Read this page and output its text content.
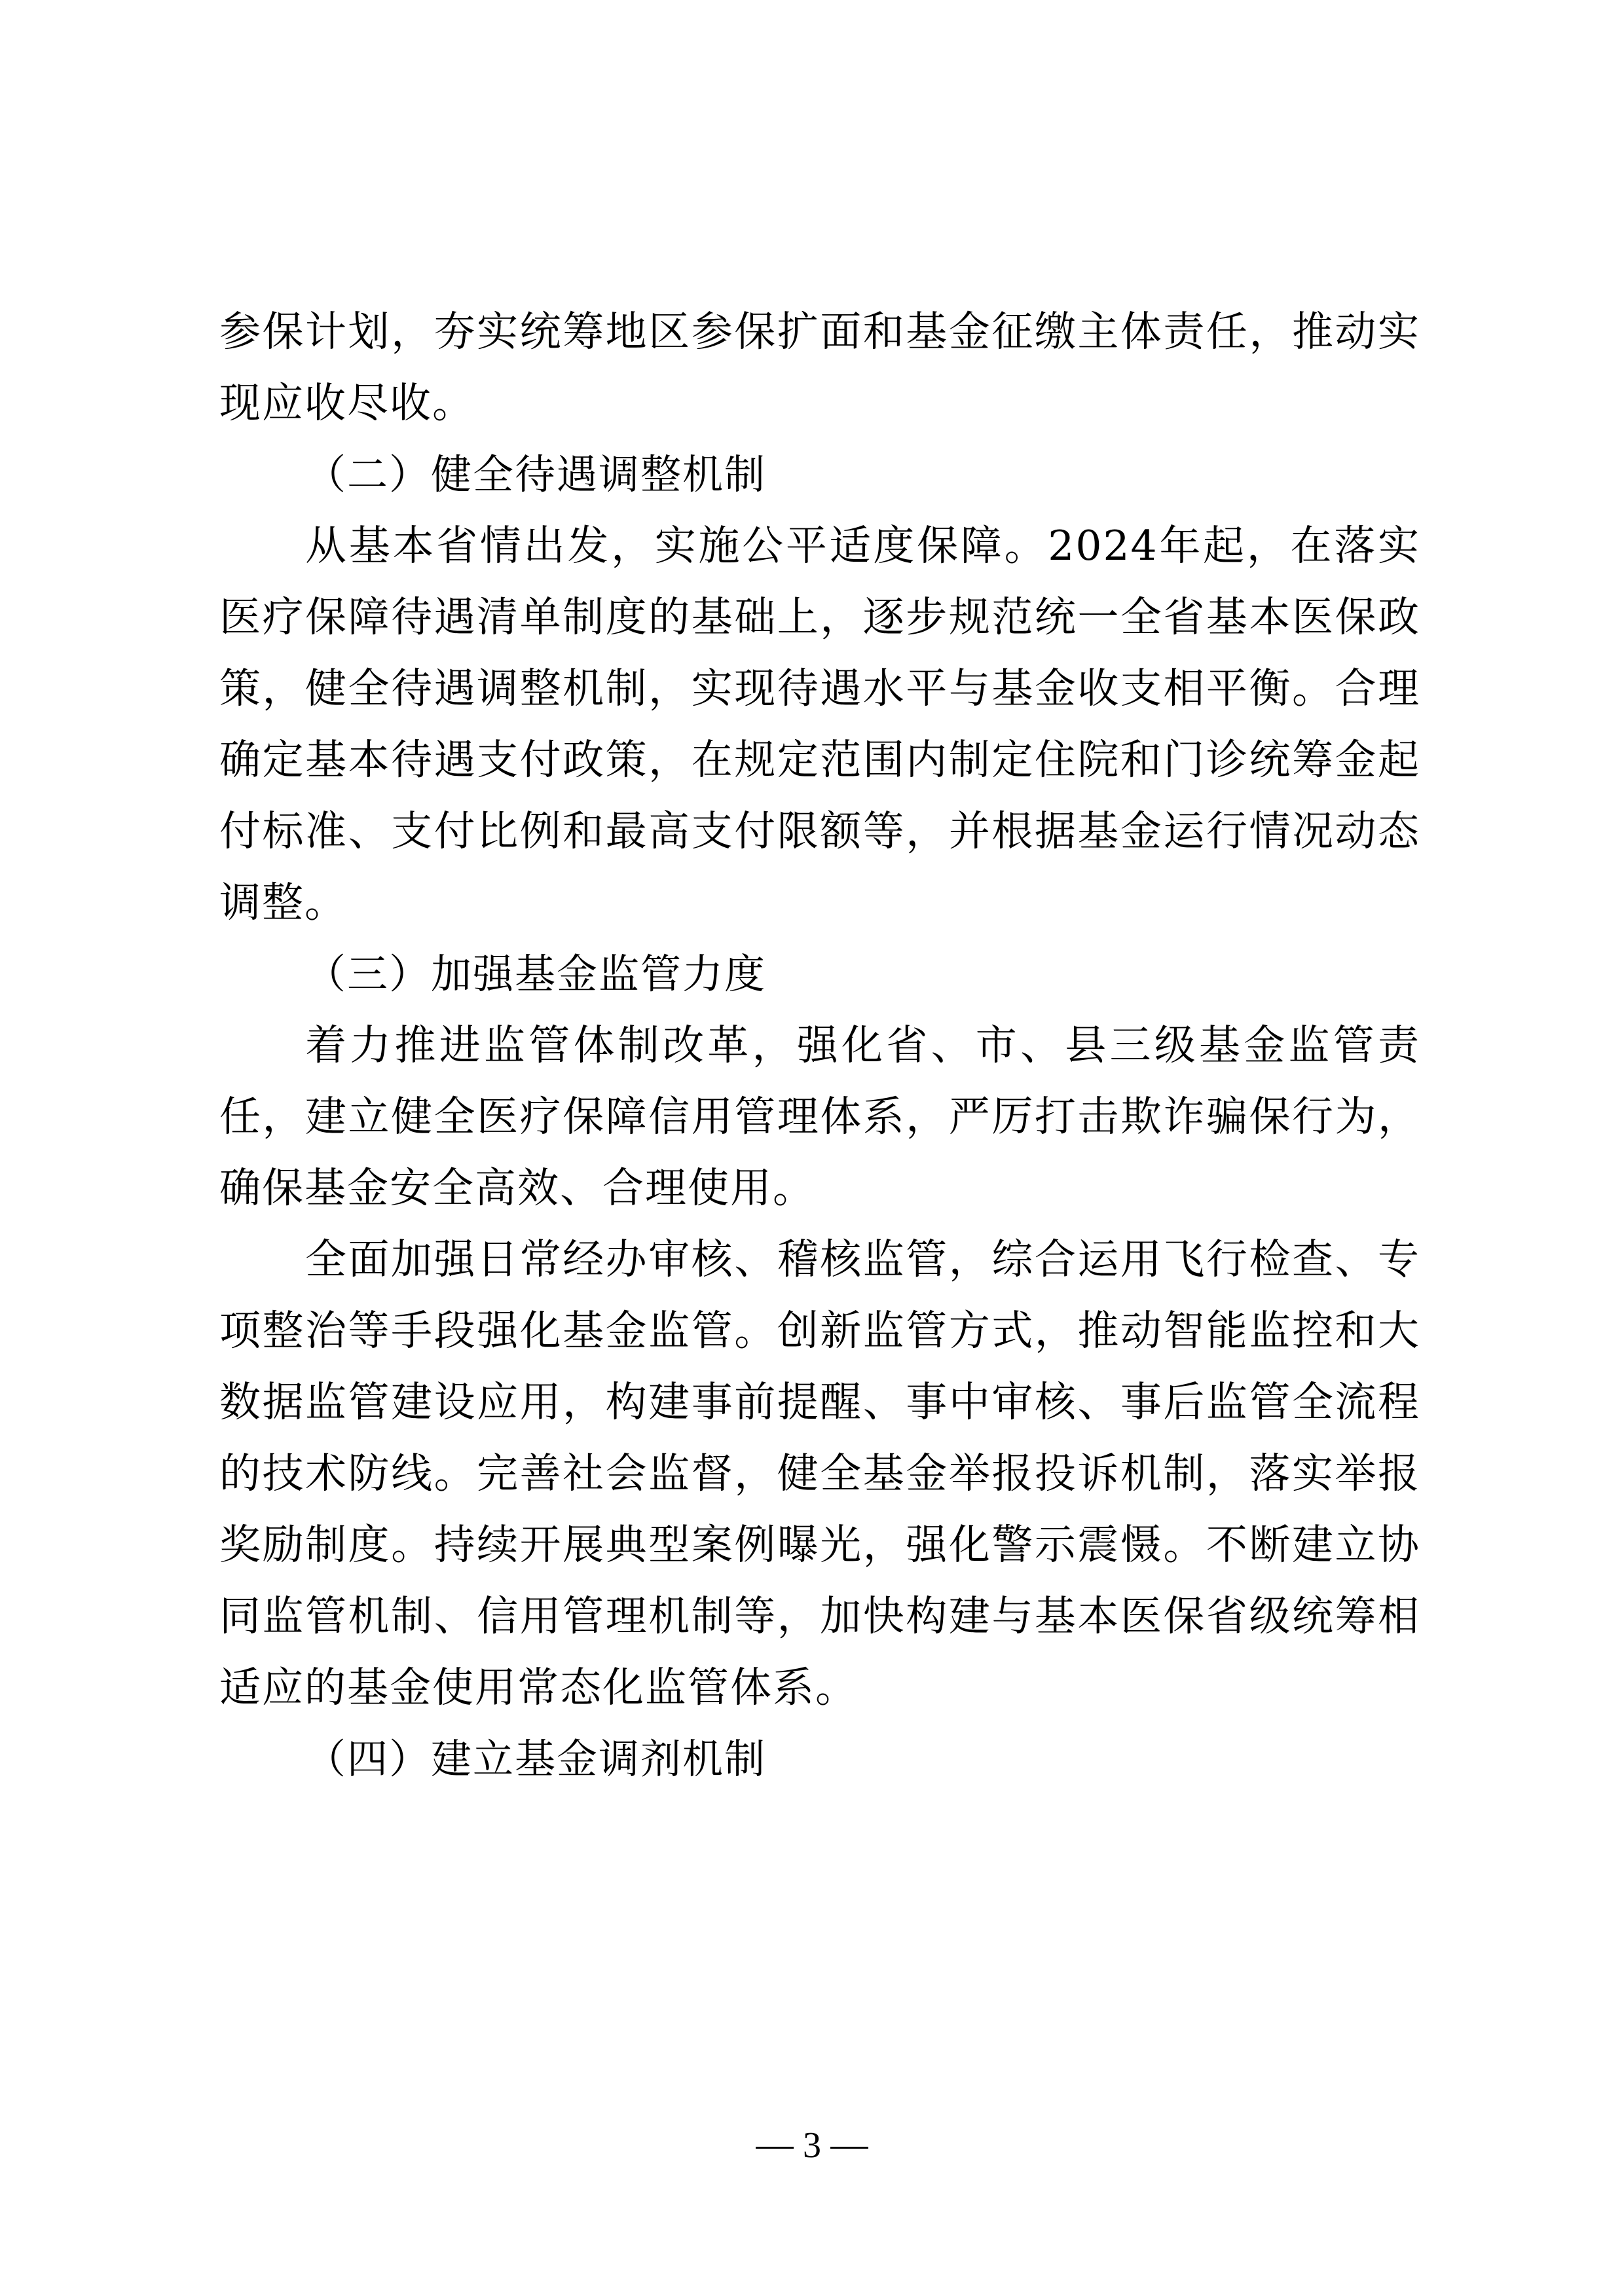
参保计划，夯实统筹地区参保扩面和基金征缴主体责任，推动实现应收尽收。

（二）健全待遇调整机制

从基本省情出发，实施公平适度保障。2024年起，在落实医疗保障待遇清单制度的基础上，逐步规范统一全省基本医保政策，健全待遇调整机制，实现待遇水平与基金收支相平衡。合理确定基本待遇支付政策，在规定范围内制定住院和门诊统筹金起付标准、支付比例和最高支付限额等，并根据基金运行情况动态调整。

（三）加强基金监管力度

着力推进监管体制改革，强化省、市、县三级基金监管责任，建立健全医疗保障信用管理体系，严厉打击欺诈骗保行为，确保基金安全高效、合理使用。

全面加强日常经办审核、稽核监管，综合运用飞行检查、专项整治等手段强化基金监管。创新监管方式，推动智能监控和大数据监管建设应用，构建事前提醒、事中审核、事后监管全流程的技术防线。完善社会监督，健全基金举报投诉机制，落实举报奖励制度。持续开展典型案例曝光，强化警示震慑。不断建立协同监管机制、信用管理机制等，加快构建与基本医保省级统筹相适应的基金使用常态化监管体系。

（四）建立基金调剂机制

3
